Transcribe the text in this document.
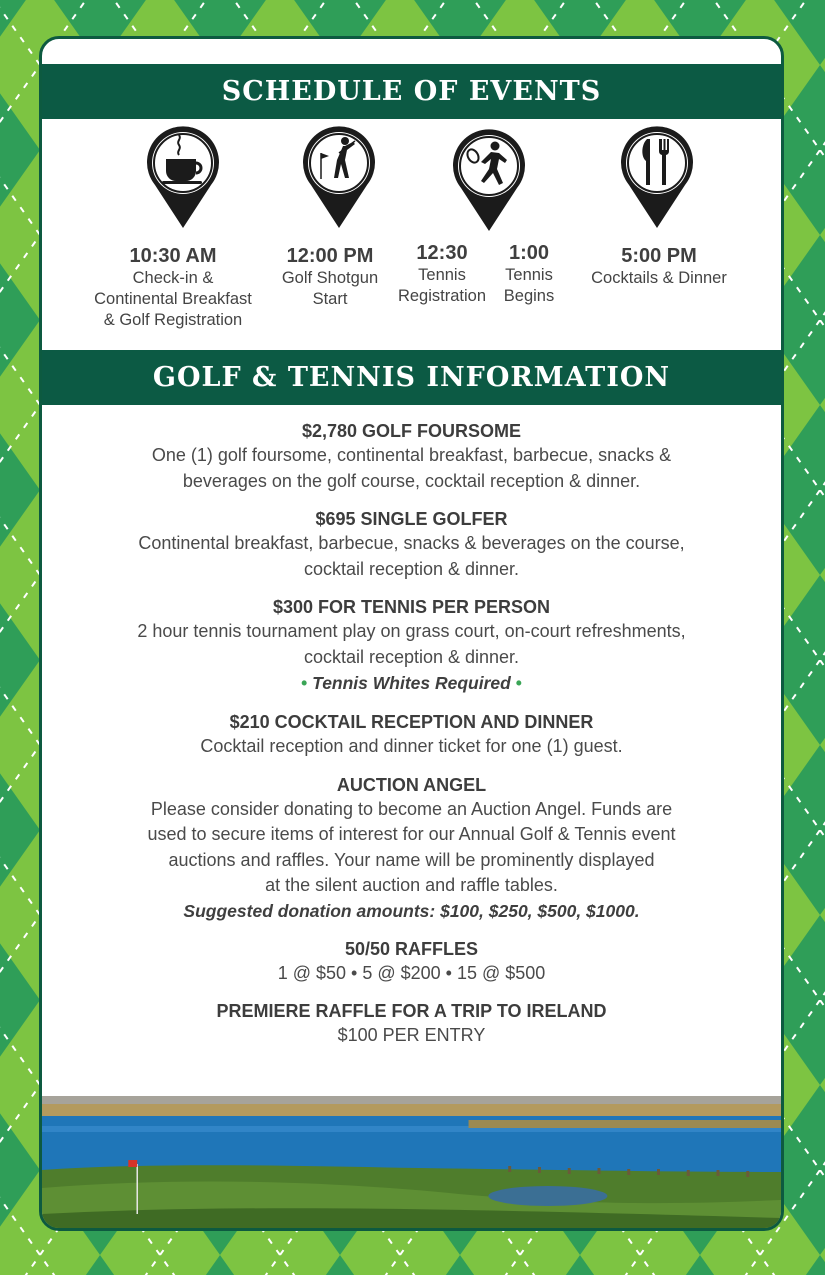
SCHEDULE OF EVENTS
10:30 AM
Check-in &
Continental Breakfast
& Golf Registration
12:00 PM
Golf Shotgun
Start
12:30
Tennis
Registration
1:00
Tennis
Begins
5:00 PM
Cocktails & Dinner
GOLF & TENNIS INFORMATION
$2,780 GOLF FOURSOME

One (1) golf foursome, continental breakfast, barbecue, snacks &

beverages on the golf course, cocktail reception & dinner.

$695 SINGLE GOLFER

Continental breakfast, barbecue, snacks & beverages on the course,

cocktail reception & dinner.

$300 FOR TENNIS PER PERSON

2 hour tennis tournament play on grass court, on-court refreshments,

cocktail reception & dinner.

• Tennis Whites Required •
$210 COCKTAIL RECEPTION AND DINNER

Cocktail reception and dinner ticket for one (1) guest.

AUCTION ANGEL

Please consider donating to become an Auction Angel. Funds are

used to secure items of interest for our Annual Golf & Tennis event

auctions and raffles. Your name will be prominently displayed

at the silent auction and raffle tables.

Suggested donation amounts: $100, $250, $500, $1000.
50/50 RAFFLES

1 @ $50 • 5 @ $200 • 15 @ $500

PREMIERE RAFFLE FOR A TRIP TO IRELAND

$100 PER ENTRY
